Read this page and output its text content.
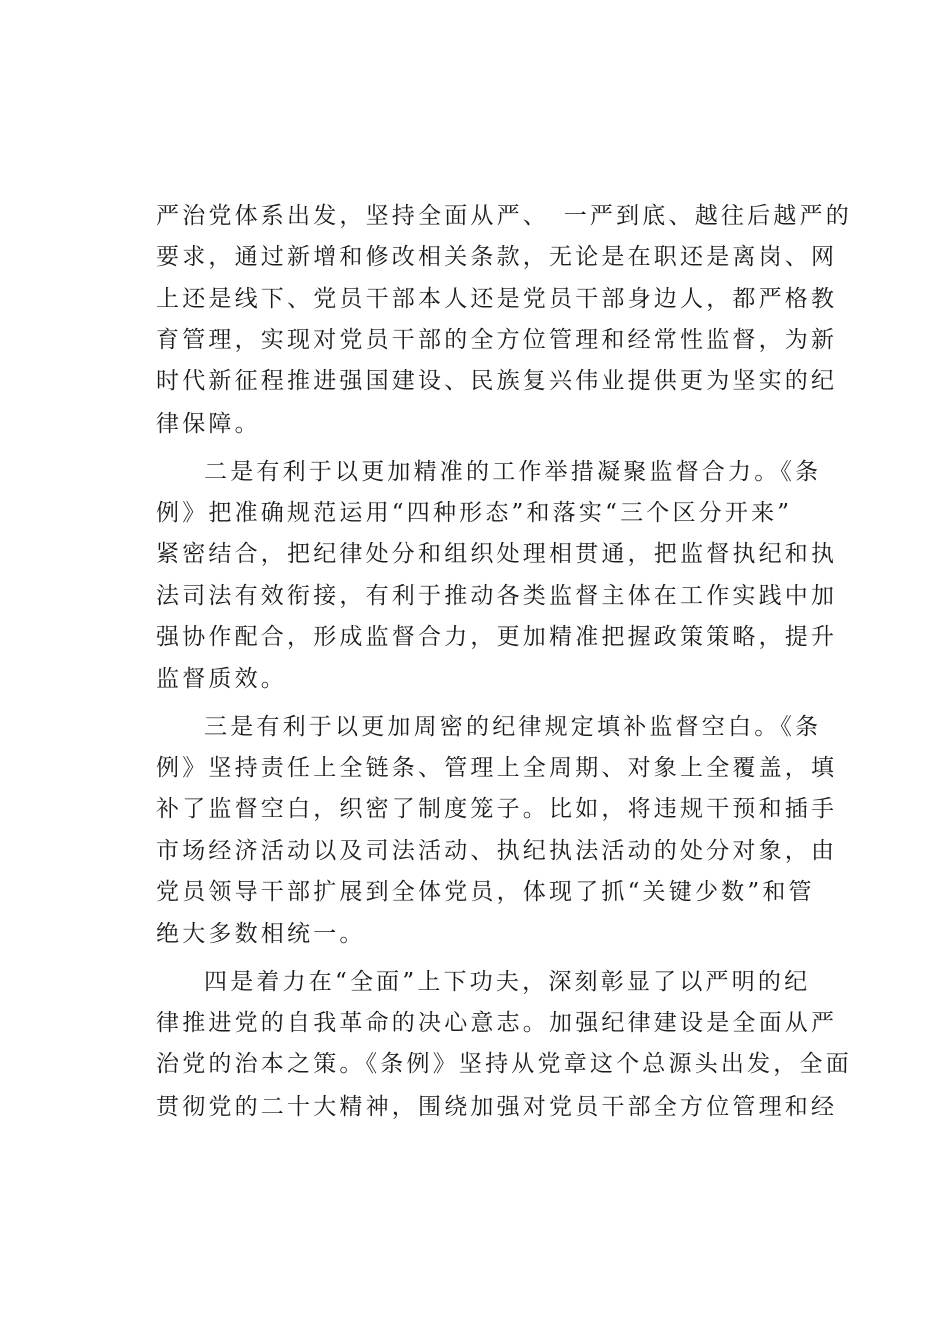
严治党体系出发，坚持全面从严、　一严到底、越往后越严的
要求，通过新增和修改相关条款，无论是在职还是离岗、网
上还是线下、党员干部本人还是党员干部身边人，都严格教
育管理，实现对党员干部的全方位管理和经常性监督，为新
时代新征程推进强国建设、民族复兴伟业提供更为坚实的纪
律保障。
二是有利于以更加精准的工作举措凝聚监督合力。《条
例》把准确规范运用“四种形态”和落实“三个区分开来”
紧密结合，把纪律处分和组织处理相贯通，把监督执纪和执
法司法有效衔接，有利于推动各类监督主体在工作实践中加
强协作配合，形成监督合力，更加精准把握政策策略，提升
监督质效。
三是有利于以更加周密的纪律规定填补监督空白。《条
例》坚持责任上全链条、管理上全周期、对象上全覆盖，填
补了监督空白，织密了制度笼子。比如，将违规干预和插手
市场经济活动以及司法活动、执纪执法活动的处分对象，由
党员领导干部扩展到全体党员，体现了抓“关键少数”和管
绝大多数相统一。
四是着力在“全面”上下功夫，深刻彰显了以严明的纪
律推进党的自我革命的决心意志。加强纪律建设是全面从严
治党的治本之策。《条例》坚持从党章这个总源头出发，全面
贯彻党的二十大精神，围绕加强对党员干部全方位管理和经
